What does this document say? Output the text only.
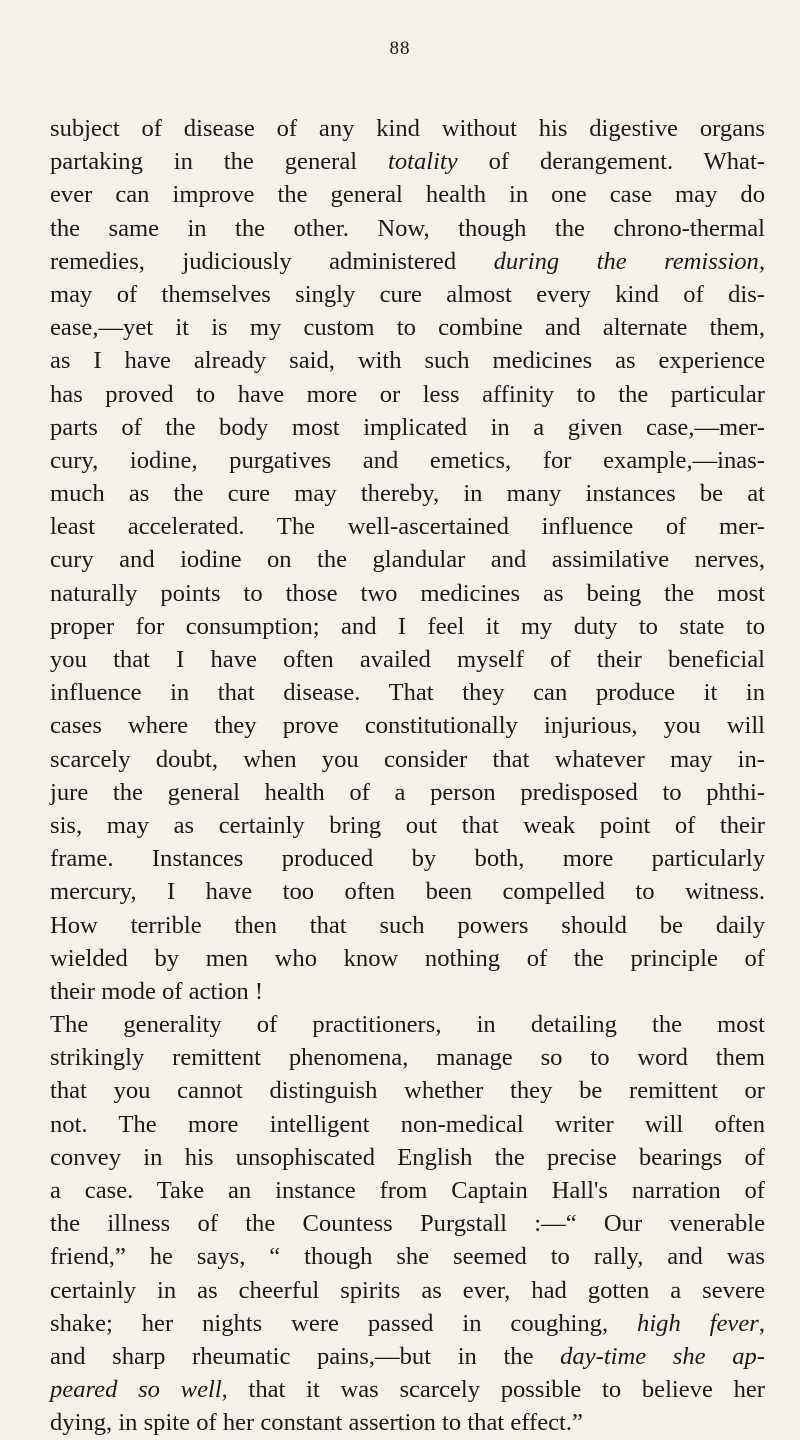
88
subject of disease of any kind without his digestive organs
partaking in the general totality of derangement. What-
ever can improve the general health in one case may do
the same in the other. Now, though the chrono-thermal
remedies, judiciously administered during the remission,
may of themselves singly cure almost every kind of dis-
ease,—yet it is my custom to combine and alternate them,
as I have already said, with such medicines as experience
has proved to have more or less affinity to the particular
parts of the body most implicated in a given case,—mer-
cury, iodine, purgatives and emetics, for example,—inas-
much as the cure may thereby, in many instances be at
least accelerated. The well-ascertained influence of mer-
cury and iodine on the glandular and assimilative nerves,
naturally points to those two medicines as being the most
proper for consumption; and I feel it my duty to state to
you that I have often availed myself of their beneficial
influence in that disease. That they can produce it in
cases where they prove constitutionally injurious, you will
scarcely doubt, when you consider that whatever may in-
jure the general health of a person predisposed to phthi-
sis, may as certainly bring out that weak point of their
frame. Instances produced by both, more particularly
mercury, I have too often been compelled to witness.
How terrible then that such powers should be daily
wielded by men who know nothing of the principle of
their mode of action !
The generality of practitioners, in detailing the most
strikingly remittent phenomena, manage so to word them
that you cannot distinguish whether they be remittent or
not. The more intelligent non-medical writer will often
convey in his unsophiscated English the precise bearings of
a case. Take an instance from Captain Hall's narration of
the illness of the Countess Purgstall :—“ Our venerable
friend,” he says, “ though she seemed to rally, and was
certainly in as cheerful spirits as ever, had gotten a severe
shake; her nights were passed in coughing, high fever,
and sharp rheumatic pains,—but in the day-time she ap-
peared so well, that it was scarcely possible to believe her
dying, in spite of her constant assertion to that effect.”
